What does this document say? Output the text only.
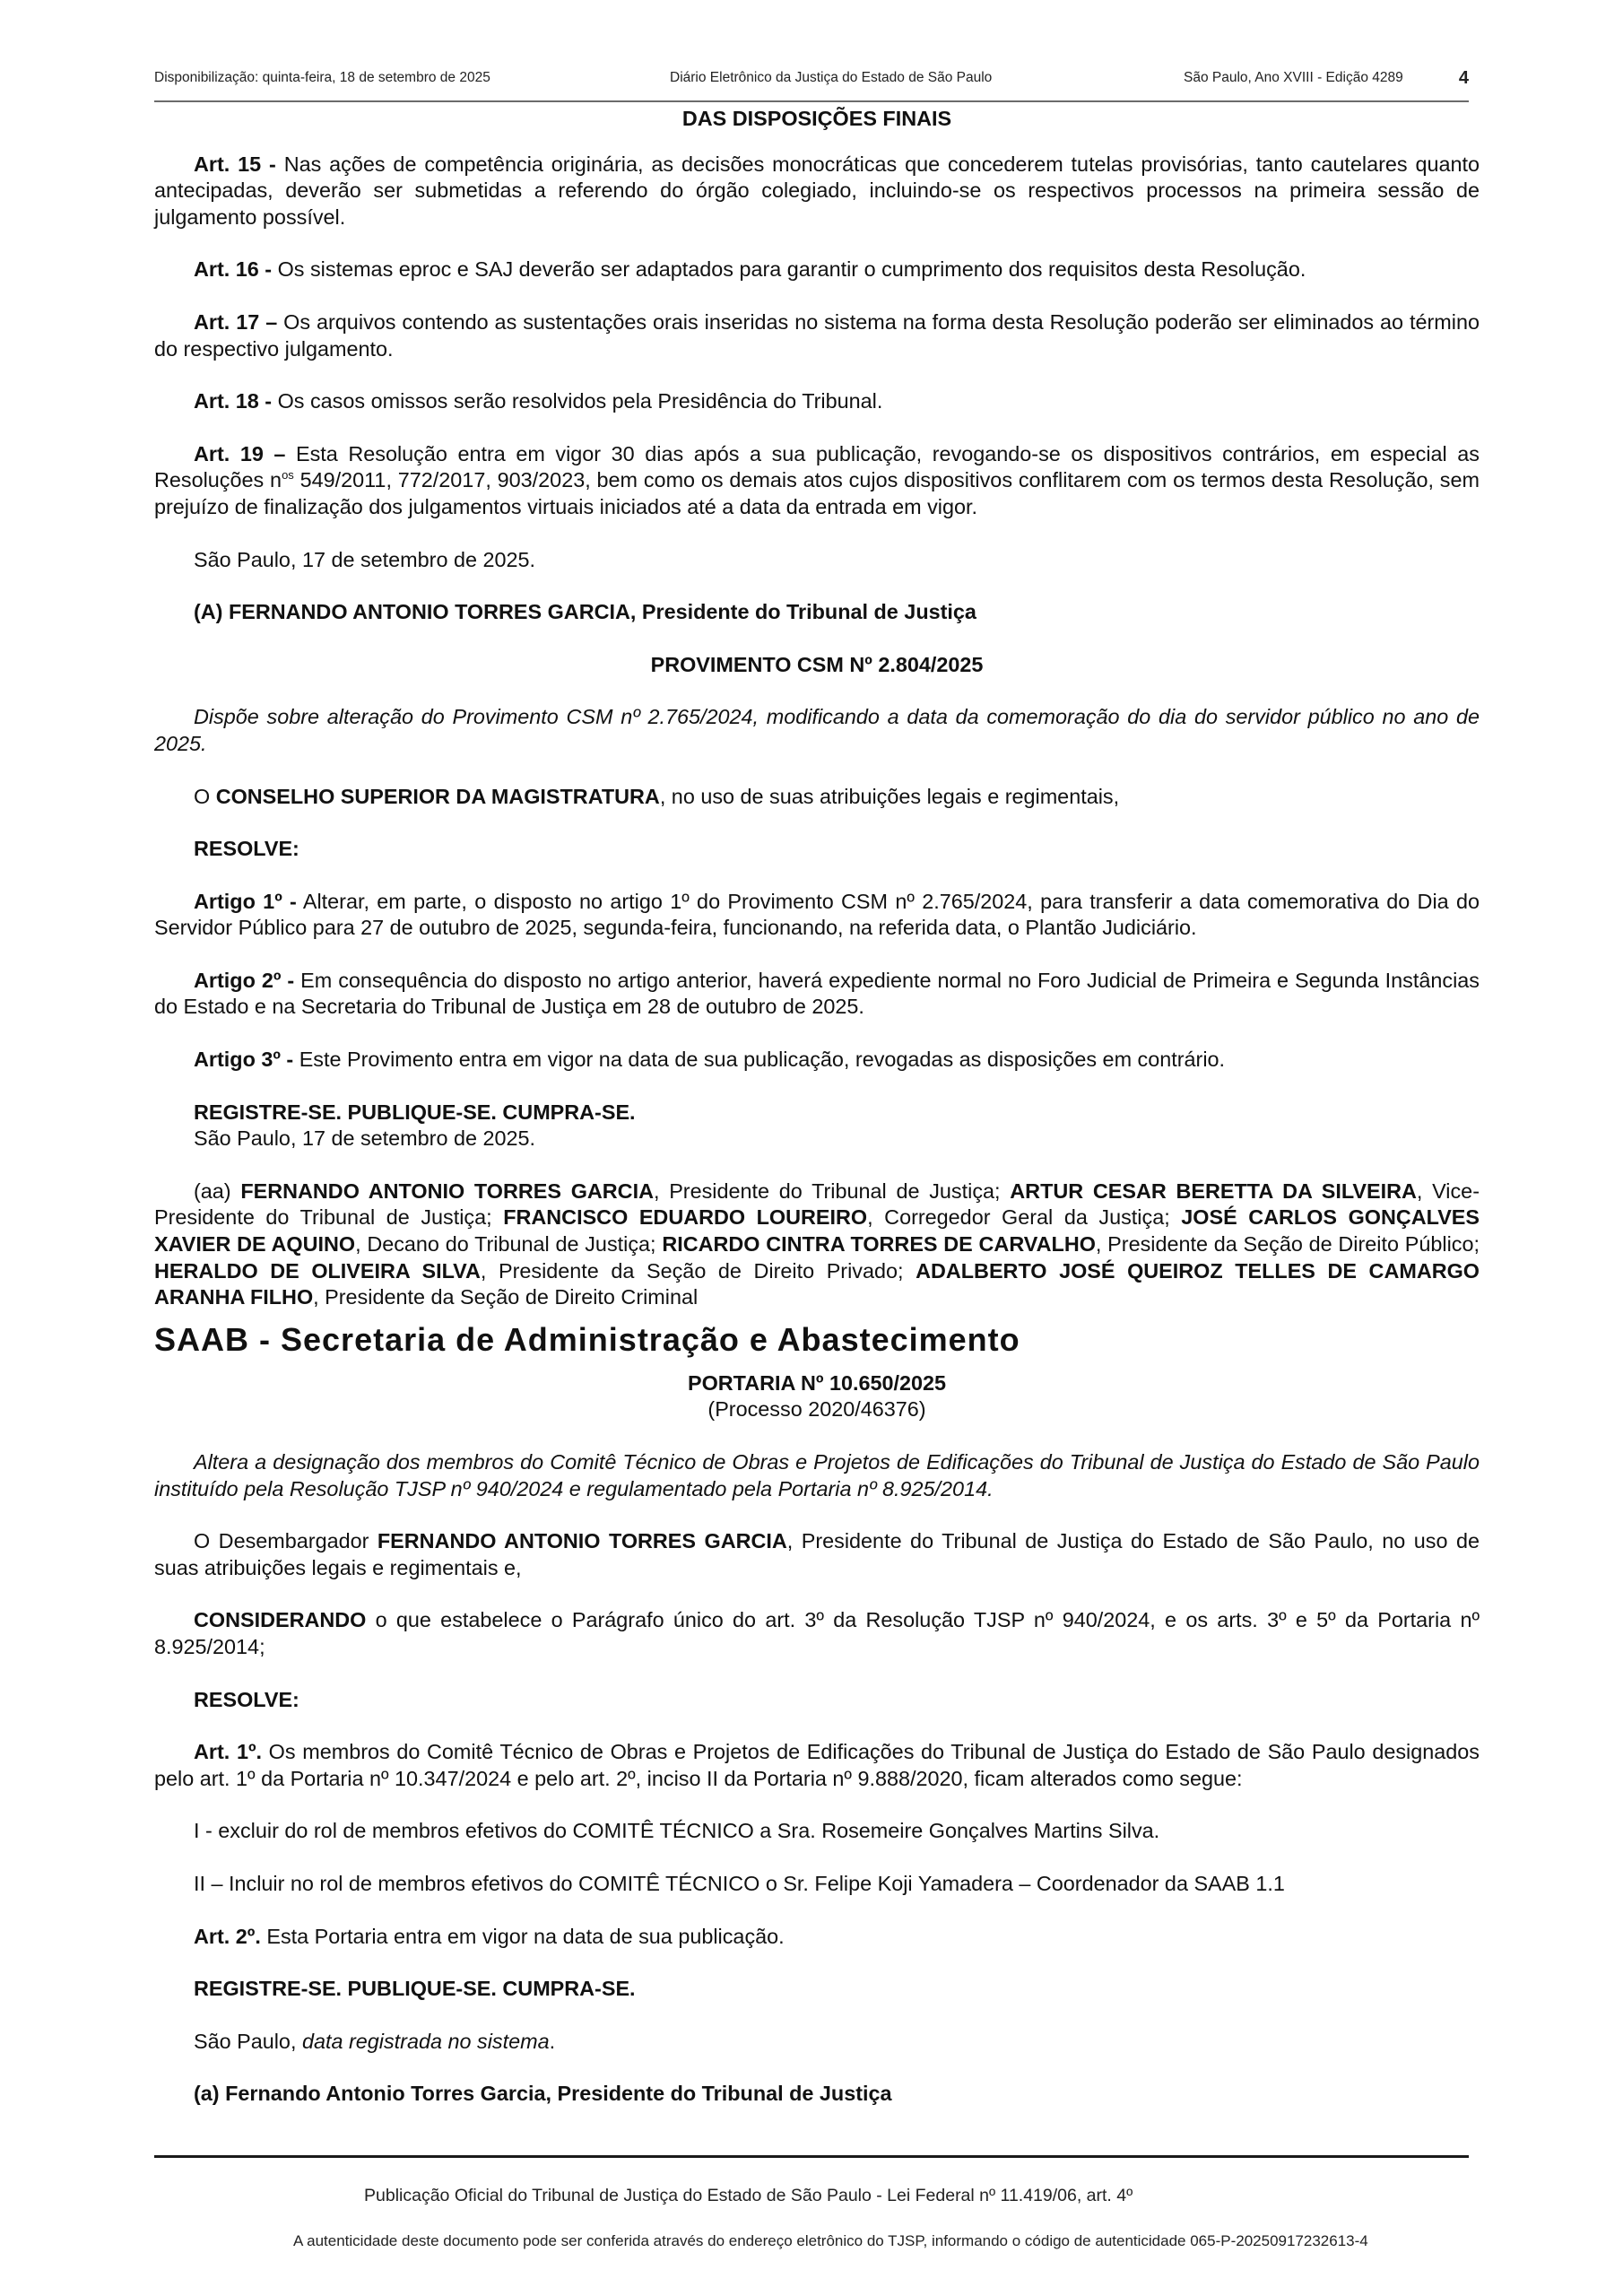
Disponibilização: quinta-feira, 18 de setembro de 2025	Diário Eletrônico da Justiça do Estado de São Paulo	São Paulo, Ano XVIII - Edição 4289	4

DAS DISPOSIÇÕES FINAIS

Art. 15 - Nas ações de competência originária, as decisões monocráticas que concederem tutelas provisórias, tanto cautelares quanto antecipadas, deverão ser submetidas a referendo do órgão colegiado, incluindo-se os respectivos processos na primeira sessão de julgamento possível.

Art. 16 - Os sistemas eproc e SAJ deverão ser adaptados para garantir o cumprimento dos requisitos desta Resolução.

Art. 17 – Os arquivos contendo as sustentações orais inseridas no sistema na forma desta Resolução poderão ser eliminados ao término do respectivo julgamento.

Art. 18 - Os casos omissos serão resolvidos pela Presidência do Tribunal.

Art. 19 – Esta Resolução entra em vigor 30 dias após a sua publicação, revogando-se os dispositivos contrários, em especial as Resoluções $n^{os}$ 549/2011, 772/2017, 903/2023, bem como os demais atos cujos dispositivos conflitarem com os termos desta Resolução, sem prejuízo de finalização dos julgamentos virtuais iniciados até a data da entrada em vigor.

São Paulo, 17 de setembro de 2025.

(A) FERNANDO ANTONIO TORRES GARCIA, Presidente do Tribunal de Justiça

PROVIMENTO CSM Nº 2.804/2025

Dispõe sobre alteração do Provimento CSM nº 2.765/2024, modificando a data da comemoração do dia do servidor público no ano de 2025.

O CONSELHO SUPERIOR DA MAGISTRATURA, no uso de suas atribuições legais e regimentais,

RESOLVE:

Artigo 1º - Alterar, em parte, o disposto no artigo 1º do Provimento CSM nº 2.765/2024, para transferir a data comemorativa do Dia do Servidor Público para 27 de outubro de 2025, segunda-feira, funcionando, na referida data, o Plantão Judiciário.

Artigo 2º - Em consequência do disposto no artigo anterior, haverá expediente normal no Foro Judicial de Primeira e Segunda Instâncias do Estado e na Secretaria do Tribunal de Justiça em 28 de outubro de 2025.

Artigo 3º - Este Provimento entra em vigor na data de sua publicação, revogadas as disposições em contrário.

REGISTRE-SE. PUBLIQUE-SE. CUMPRA-SE.

São Paulo, 17 de setembro de 2025.

(aa) FERNANDO ANTONIO TORRES GARCIA, Presidente do Tribunal de Justiça; ARTUR CESAR BERETTA DA SILVEIRA, Vice-Presidente do Tribunal de Justiça; FRANCISCO EDUARDO LOUREIRO, Corregedor Geral da Justiça; JOSÉ CARLOS GONÇALVES XAVIER DE AQUINO, Decano do Tribunal de Justiça; RICARDO CINTRA TORRES DE CARVALHO, Presidente da Seção de Direito Público; HERALDO DE OLIVEIRA SILVA, Presidente da Seção de Direito Privado; ADALBERTO JOSÉ QUEIROZ TELLES DE CAMARGO ARANHA FILHO, Presidente da Seção de Direito Criminal

SAAB - Secretaria de Administração e Abastecimento

PORTARIA Nº 10.650/2025

(Processo 2020/46376)

Altera a designação dos membros do Comitê Técnico de Obras e Projetos de Edificações do Tribunal de Justiça do Estado de São Paulo instituído pela Resolução TJSP nº 940/2024 e regulamentado pela Portaria nº 8.925/2014.

O Desembargador FERNANDO ANTONIO TORRES GARCIA, Presidente do Tribunal de Justiça do Estado de São Paulo, no uso de suas atribuições legais e regimentais e,

CONSIDERANDO o que estabelece o Parágrafo único do art. 3º da Resolução TJSP nº 940/2024, e os arts. 3º e 5º da Portaria nº 8.925/2014;

RESOLVE:

Art. 1º. Os membros do Comitê Técnico de Obras e Projetos de Edificações do Tribunal de Justiça do Estado de São Paulo designados pelo art. 1º da Portaria nº 10.347/2024 e pelo art. 2º, inciso II da Portaria nº 9.888/2020, ficam alterados como segue:

I - excluir do rol de membros efetivos do COMITÊ TÉCNICO a Sra. Rosemeire Gonçalves Martins Silva.

II – Incluir no rol de membros efetivos do COMITÊ TÉCNICO o Sr. Felipe Koji Yamadera – Coordenador da SAAB 1.1

Art. 2º. Esta Portaria entra em vigor na data de sua publicação.

REGISTRE-SE. PUBLIQUE-SE. CUMPRA-SE.

São Paulo, data registrada no sistema.

(a) Fernando Antonio Torres Garcia, Presidente do Tribunal de Justiça

Publicação Oficial do Tribunal de Justiça do Estado de São Paulo - Lei Federal nº 11.419/06, art. 4º
A autenticidade deste documento pode ser conferida através do endereço eletrônico do TJSP, informando o código de autenticidade 065-P-20250917232613-4
